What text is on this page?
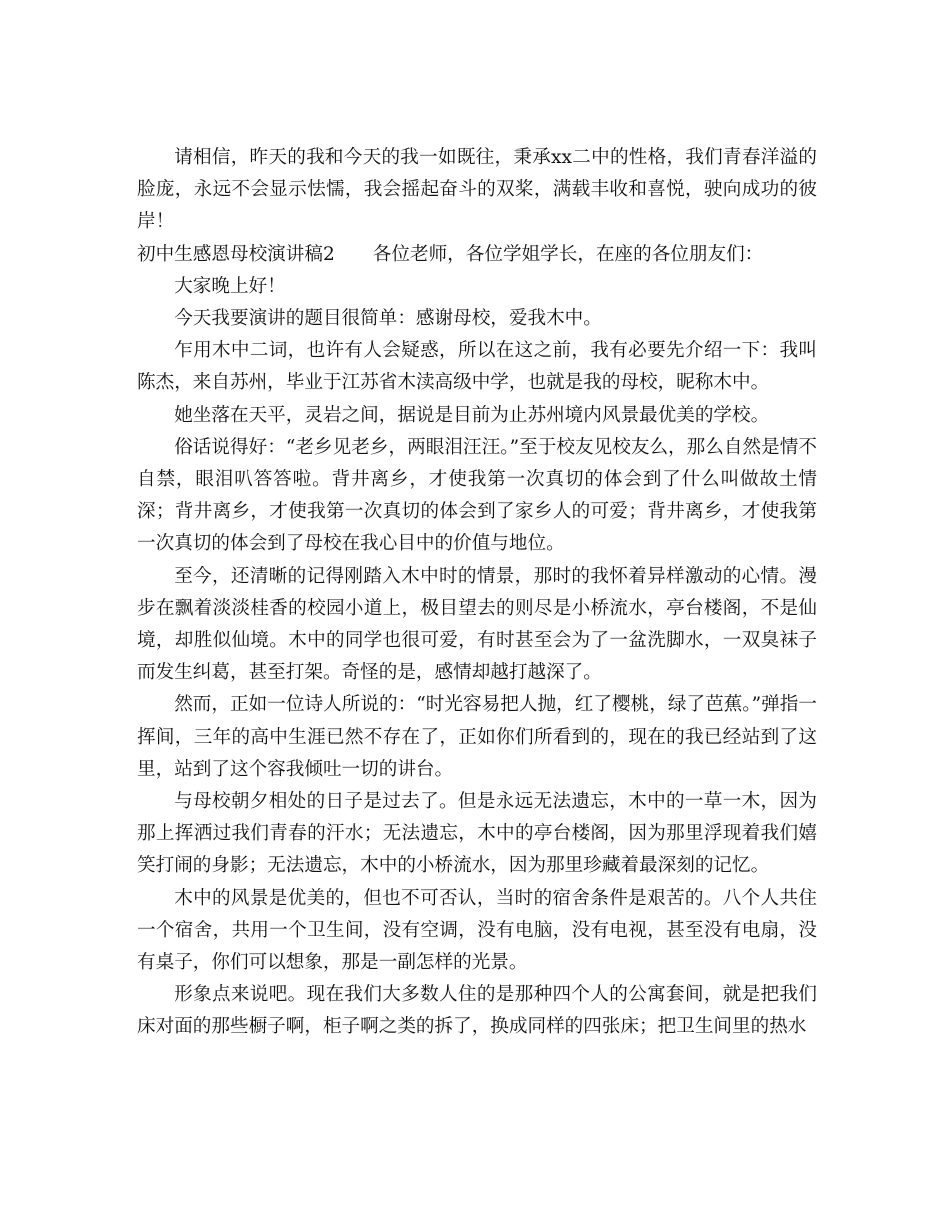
请相信，昨天的我和今天的我一如既往，秉承xx二中的性格，我们青春洋溢的脸庞，永远不会显示怯懦，我会摇起奋斗的双桨，满载丰收和喜悦，驶向成功的彼岸！

初中生感恩母校演讲稿2 各位老师，各位学姐学长，在座的各位朋友们：

大家晚上好！

今天我要演讲的题目很简单：感谢母校，爱我木中。

乍用木中二词，也许有人会疑惑，所以在这之前，我有必要先介绍一下：我叫陈杰，来自苏州，毕业于江苏省木渎高级中学，也就是我的母校，昵称木中。

她坐落在天平，灵岩之间，据说是目前为止苏州境内风景最优美的学校。

俗话说得好：“老乡见老乡，两眼泪汪汪。”至于校友见校友么，那么自然是情不自禁，眼泪叭答答啦。背井离乡，才使我第一次真切的体会到了什么叫做故土情深；背井离乡，才使我第一次真切的体会到了家乡人的可爱；背井离乡，才使我第一次真切的体会到了母校在我心目中的价值与地位。

至今，还清晰的记得刚踏入木中时的情景，那时的我怀着异样激动的心情。漫步在飘着淡淡桂香的校园小道上，极目望去的则尽是小桥流水，亭台楼阁，不是仙境，却胜似仙境。木中的同学也很可爱，有时甚至会为了一盆洗脚水，一双臭袜子而发生纠葛，甚至打架。奇怪的是，感情却越打越深了。

然而，正如一位诗人所说的：“时光容易把人抛，红了樱桃，绿了芭蕉。”弹指一挥间，三年的高中生涯已然不存在了，正如你们所看到的，现在的我已经站到了这里，站到了这个容我倾吐一切的讲台。

与母校朝夕相处的日子是过去了。但是永远无法遗忘，木中的一草一木，因为那上挥洒过我们青春的汗水；无法遗忘，木中的亭台楼阁，因为那里浮现着我们嬉笑打闹的身影；无法遗忘，木中的小桥流水，因为那里珍藏着最深刻的记忆。

木中的风景是优美的，但也不可否认，当时的宿舍条件是艰苦的。八个人共住一个宿舍，共用一个卫生间，没有空调，没有电脑，没有电视，甚至没有电扇，没有桌子，你们可以想象，那是一副怎样的光景。

形象点来说吧。现在我们大多数人住的是那种四个人的公寓套间，就是把我们床对面的那些橱子啊，柜子啊之类的拆了，换成同样的四张床；把卫生间里的热水
